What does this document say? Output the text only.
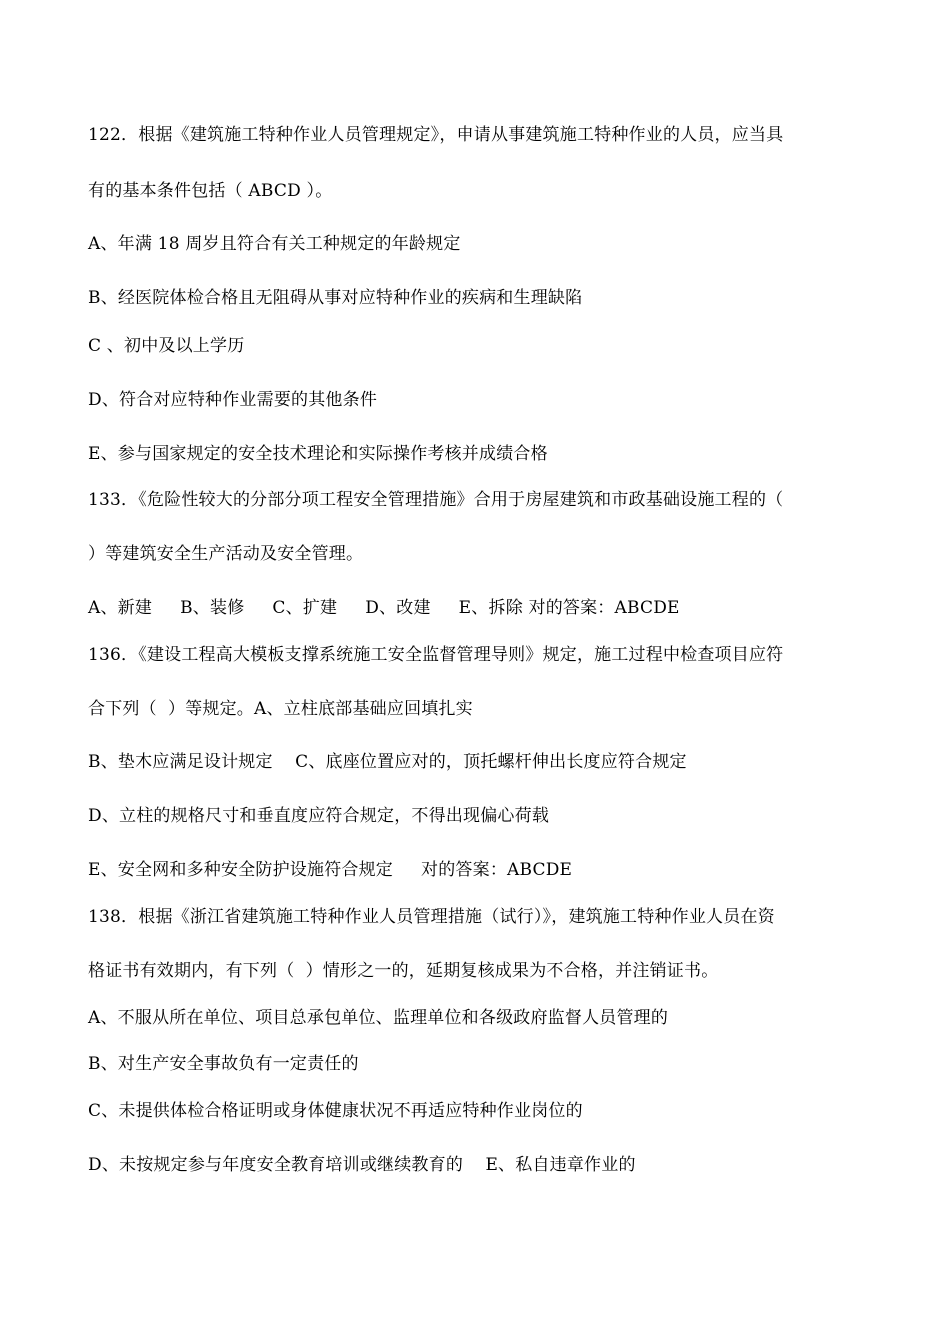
122．根据《建筑施工特种作业人员管理规定》，申请从事建筑施工特种作业的人员，应当具
有的基本条件包括（ ABCD ）。
A、年满 18 周岁且符合有关工种规定的年龄规定
B、经医院体检合格且无阻碍从事对应特种作业的疾病和生理缺陷
C 、初中及以上学历
D、符合对应特种作业需要的其他条件
E、参与国家规定的安全技术理论和实际操作考核并成绩合格
133．《危险性较大的分部分项工程安全管理措施》合用于房屋建筑和市政基础设施工程的（
）等建筑安全生产活动及安全管理。
A、新建     B、装修     C、扩建     D、改建     E、拆除 对的答案：ABCDE
136．《建设工程高大模板支撑系统施工安全监督管理导则》规定，施工过程中检查项目应符
合下列（  ）等规定。A、立柱底部基础应回填扎实
B、垫木应满足设计规定    C、底座位置应对的，顶托螺杆伸出长度应符合规定
D、立柱的规格尺寸和垂直度应符合规定，不得出现偏心荷载
E、安全网和多种安全防护设施符合规定     对的答案：ABCDE
138．根据《浙江省建筑施工特种作业人员管理措施（试行）》，建筑施工特种作业人员在资
格证书有效期内，有下列（  ）情形之一的，延期复核成果为不合格，并注销证书。
A、不服从所在单位、项目总承包单位、监理单位和各级政府监督人员管理的
B、对生产安全事故负有一定责任的
C、未提供体检合格证明或身体健康状况不再适应特种作业岗位的
D、未按规定参与年度安全教育培训或继续教育的    E、私自违章作业的
